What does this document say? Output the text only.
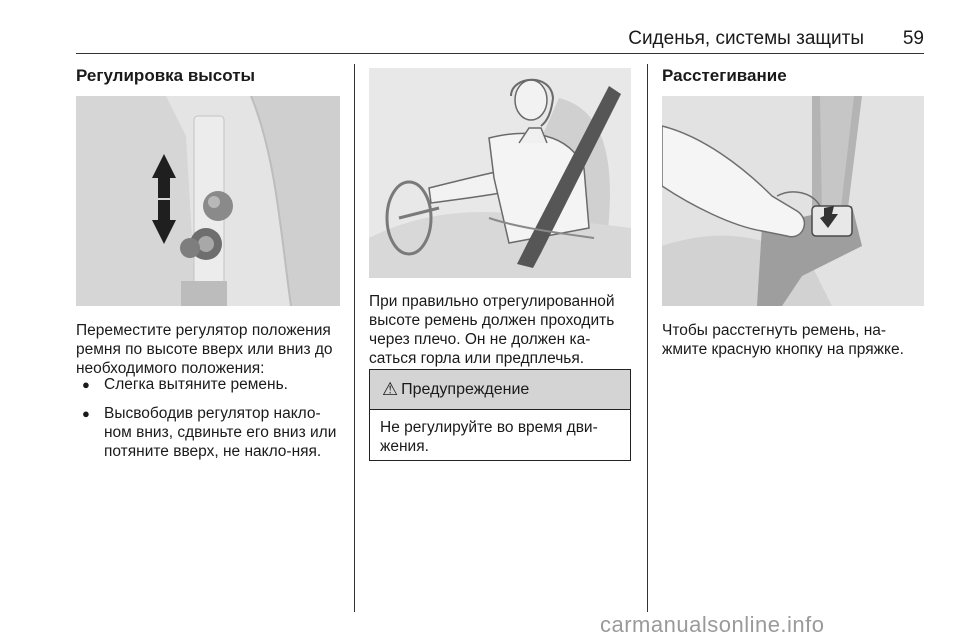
Сиденья, системы защиты 59
Регулировка высоты

Переместите регулятор положения ремня по высоте вверх или вниз до необходимого положения:

● Слегка вытяните ремень.
● Высвободив регулятор накло-ном вниз, сдвиньте его вниз или потяните вверх, не накло-няя.

При правильно отрегулированной высоте ремень должен проходить через плечо. Он не должен ка-саться горла или предплечья.

⚠ Предупреждение

Не регулируйте во время дви-жения.

Расстегивание

Чтобы расстегнуть ремень, на-жмите красную кнопку на пряжке.

carmanualsonline.info
